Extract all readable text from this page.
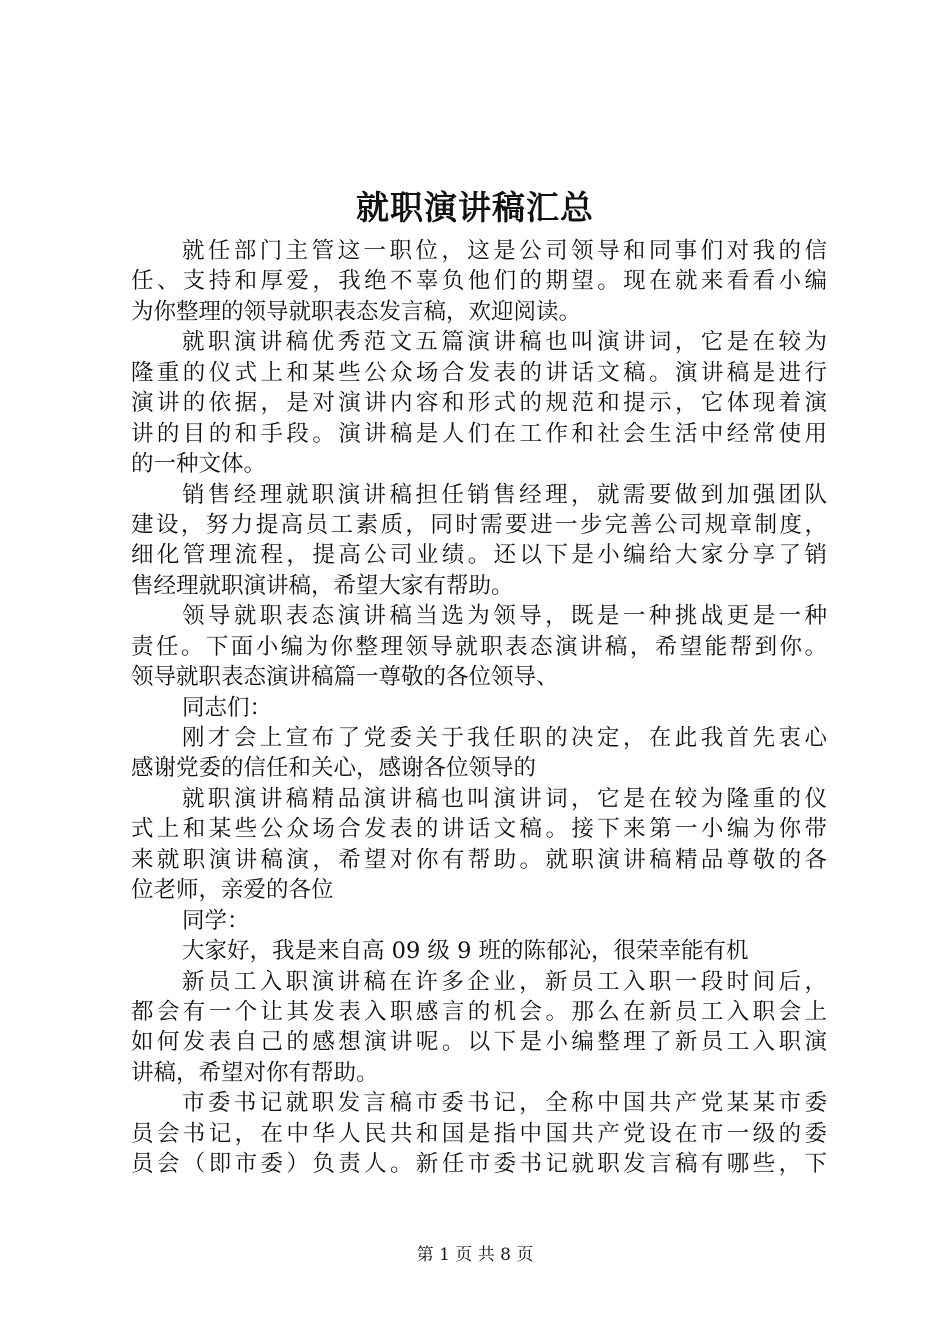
就职演讲稿汇总
就任部门主管这一职位，这是公司领导和同事们对我的信
任、支持和厚爱，我绝不辜负他们的期望。现在就来看看小编
为你整理的领导就职表态发言稿，欢迎阅读。
就职演讲稿优秀范文五篇演讲稿也叫演讲词，它是在较为
隆重的仪式上和某些公众场合发表的讲话文稿。演讲稿是进行
演讲的依据，是对演讲内容和形式的规范和提示，它体现着演
讲的目的和手段。演讲稿是人们在工作和社会生活中经常使用
的一种文体。
销售经理就职演讲稿担任销售经理，就需要做到加强团队
建设，努力提高员工素质，同时需要进一步完善公司规章制度，
细化管理流程，提高公司业绩。还以下是小编给大家分享了销
售经理就职演讲稿，希望大家有帮助。
领导就职表态演讲稿当选为领导，既是一种挑战更是一种
责任。下面小编为你整理领导就职表态演讲稿，希望能帮到你。
领导就职表态演讲稿篇一尊敬的各位领导、
同志们：
刚才会上宣布了党委关于我任职的决定，在此我首先衷心
感谢党委的信任和关心，感谢各位领导的
就职演讲稿精品演讲稿也叫演讲词，它是在较为隆重的仪
式上和某些公众场合发表的讲话文稿。接下来第一小编为你带
来就职演讲稿演，希望对你有帮助。就职演讲稿精品尊敬的各
位老师，亲爱的各位
同学：
大家好，我是来自高 09 级 9 班的陈郁沁，很荣幸能有机
新员工入职演讲稿在许多企业，新员工入职一段时间后，
都会有一个让其发表入职感言的机会。那么在新员工入职会上
如何发表自己的感想演讲呢。以下是小编整理了新员工入职演
讲稿，希望对你有帮助。
市委书记就职发言稿市委书记，全称中国共产党某某市委
员会书记，在中华人民共和国是指中国共产党设在市一级的委
员会（即市委）负责人。新任市委书记就职发言稿有哪些，下
第 1 页 共 8 页
